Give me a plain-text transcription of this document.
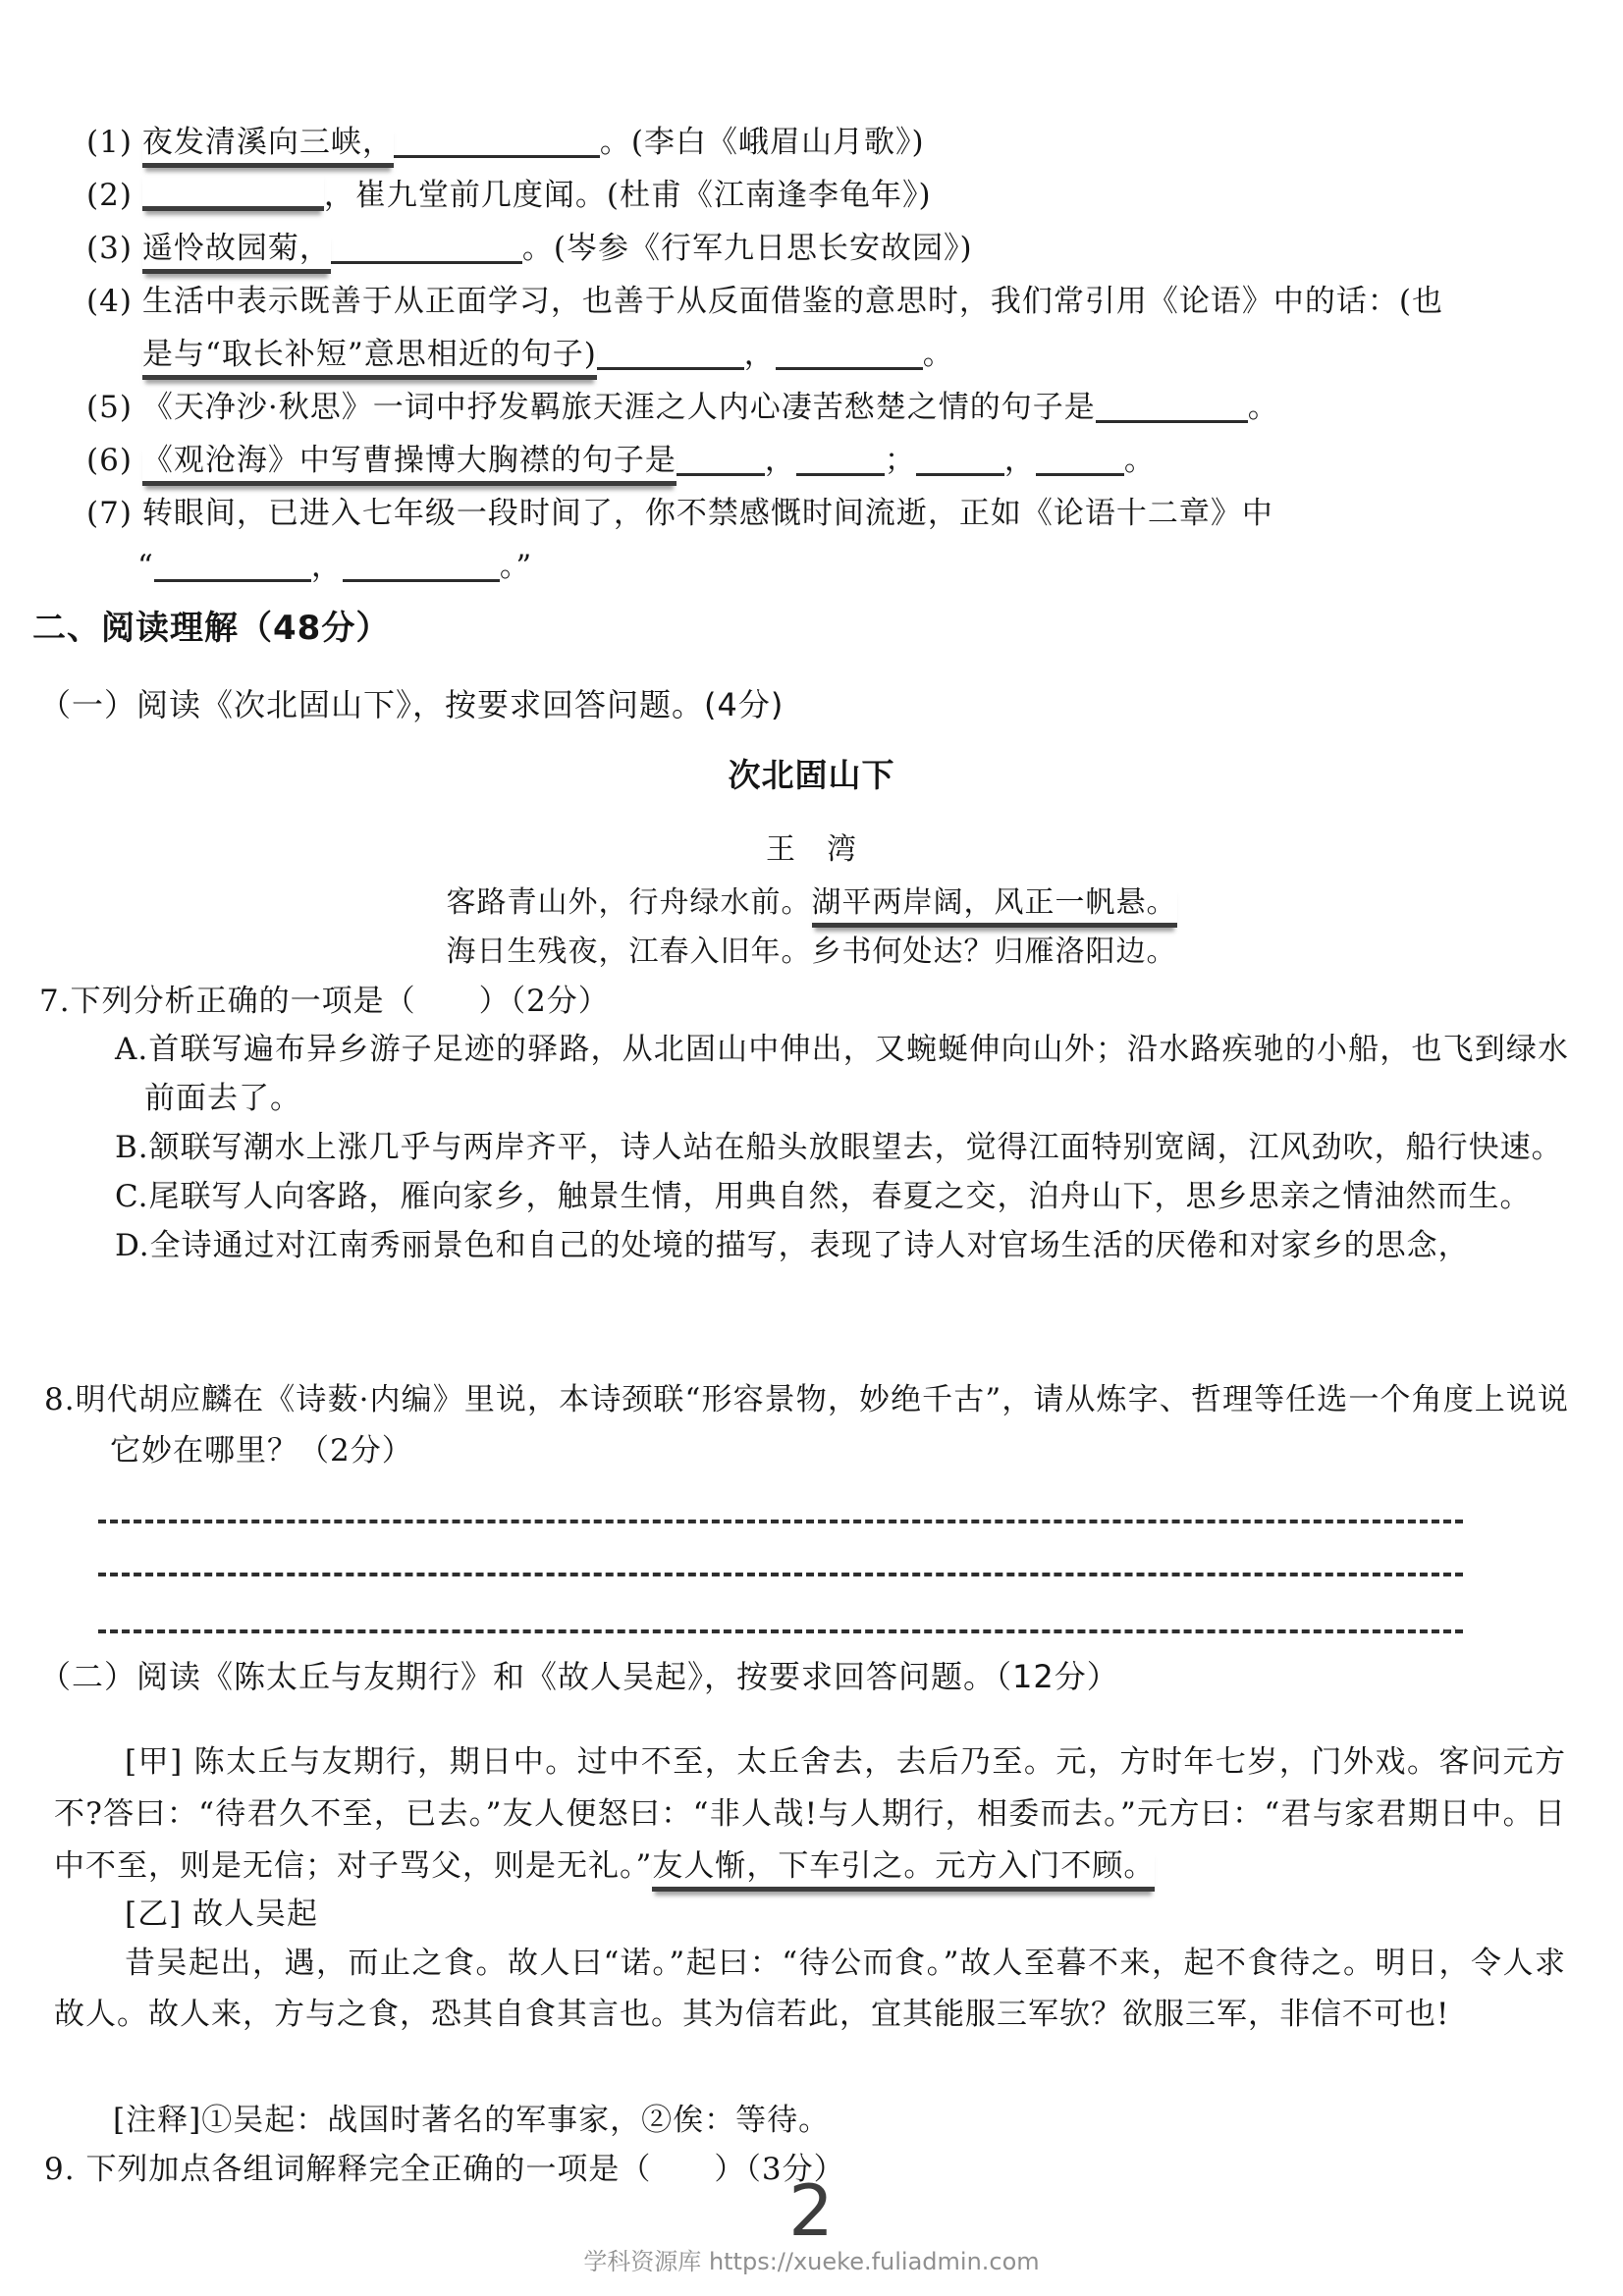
(1) 夜发清溪向三峡，	。(李白《峨眉山月歌》)
(2)	，崔九堂前几度闻。(杜甫《江南逢李龟年》)
(3) 遥怜故园菊，	。(岑参《行军九日思长安故园》)
(4) 生活中表示既善于从正面学习，也善于从反面借鉴的意思时，我们常引用《论语》中的话：(也
是与“取长补短”意思相近的句子)	，	。
(5) 《天净沙·秋思》一词中抒发羁旅天涯之人内心凄苦愁楚之情的句子是	。
(6) 《观沧海》中写曹操博大胸襟的句子是	，	；	，	。
(7) 转眼间，已进入七年级一段时间了，你不禁感慨时间流逝，正如《论语十二章》中
“	，	。”
二、阅读理解（48分）
（一）阅读《次北固山下》，按要求回答问题。(4分)
次北固山下
王　湾
客路青山外，行舟绿水前。湖平两岸阔，风正一帆悬。
海日生残夜，江春入旧年。乡书何处达？归雁洛阳边。
7.下列分析正确的一项是（　　）（2分）
A.首联写遍布异乡游子足迹的驿路，从北固山中伸出，又蜿蜒伸向山外；沿水路疾驰的小船，也飞到绿水前面去了。
B.颔联写潮水上涨几乎与两岸齐平，诗人站在船头放眼望去，觉得江面特别宽阔，江风劲吹，船行快速。
C.尾联写人向客路，雁向家乡，触景生情，用典自然，春夏之交，泊舟山下，思乡思亲之情油然而生。
D.全诗通过对江南秀丽景色和自己的处境的描写，表现了诗人对官场生活的厌倦和对家乡的思念，

8.明代胡应麟在《诗薮·内编》里说，本诗颈联“形容景物，妙绝千古”，请从炼字、哲理等任选一个角度上说说它妙在哪里？（2分）

（二）阅读《陈太丘与友期行》和《故人吴起》，按要求回答问题。（12分）

[甲] 陈太丘与友期行，期日中。过中不至，太丘舍去，去后乃至。元，方时年七岁，门外戏。客问元方不?答曰：“待君久不至，已去。”友人便怒曰：“非人哉!与人期行，相委而去。”元方曰：“君与家君期日中。日中不至，则是无信；对子骂父，则是无礼。”友人惭，下车引之。元方入门不顾。

[乙] 故人吴起

昔吴起出，遇，而止之食。故人曰“诺。”起曰：“待公而食。”故人至暮不来，起不食待之。明日，令人求故人。故人来，方与之食，恐其自食其言也。其为信若此，宜其能服三军欤？欲服三军，非信不可也!

[注释]①吴起：战国时著名的军事家，②俟：等待。
9. 下列加点各组词解释完全正确的一项是（　　）（3分）
2
学科资源库 https://xueke.fuliadmin.com
